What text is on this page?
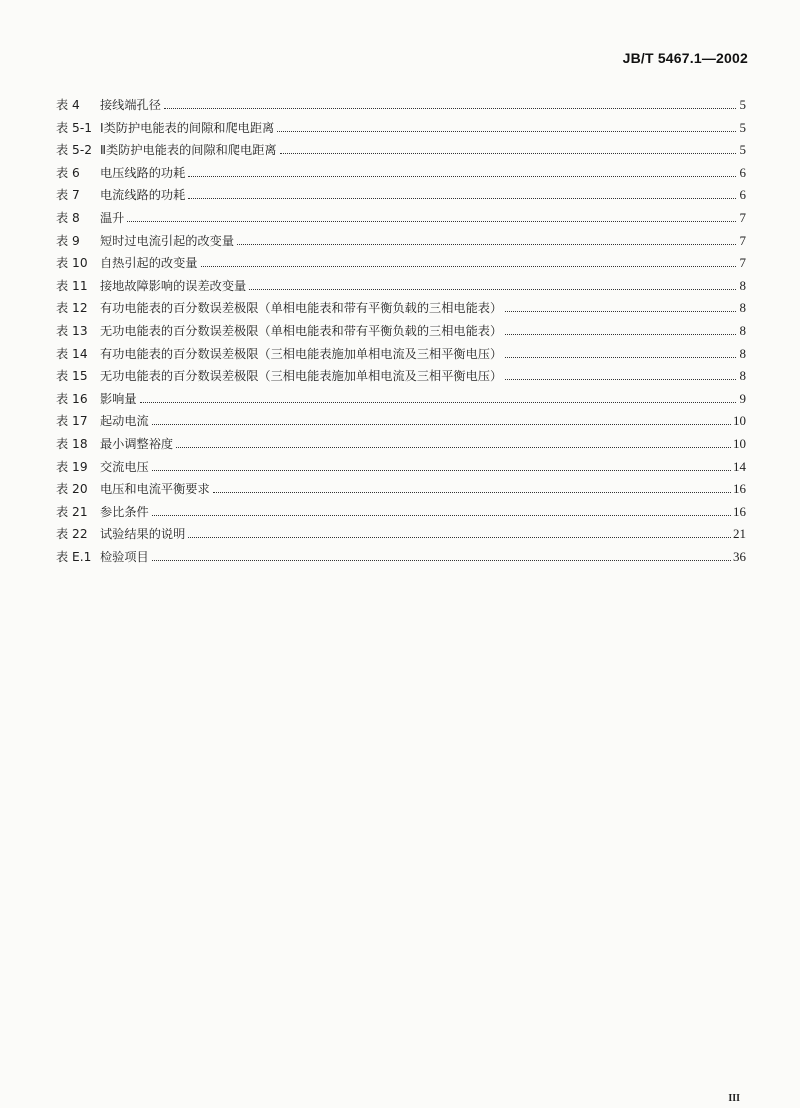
JB/T 5467.1—2002
表 4	接线端孔径	5
表 5-1 Ⅰ类防护电能表的间隙和爬电距离	5
表 5-2 Ⅱ类防护电能表的间隙和爬电距离	5
表 6	电压线路的功耗	6
表 7	电流线路的功耗	6
表 8	温升	7
表 9	短时过电流引起的改变量	7
表 10	自热引起的改变量	7
表 11	接地故障影响的误差改变量	8
表 12	有功电能表的百分数误差极限（单相电能表和带有平衡负载的三相电能表）	8
表 13	无功电能表的百分数误差极限（单相电能表和带有平衡负载的三相电能表）	8
表 14	有功电能表的百分数误差极限（三相电能表施加单相电流及三相平衡电压）	8
表 15	无功电能表的百分数误差极限（三相电能表施加单相电流及三相平衡电压）	8
表 16	影响量	9
表 17	起动电流	10
表 18	最小调整裕度	10
表 19	交流电压	14
表 20	电压和电流平衡要求	16
表 21	参比条件	16
表 22	试验结果的说明	21
表 E.1 检验项目	36
III
